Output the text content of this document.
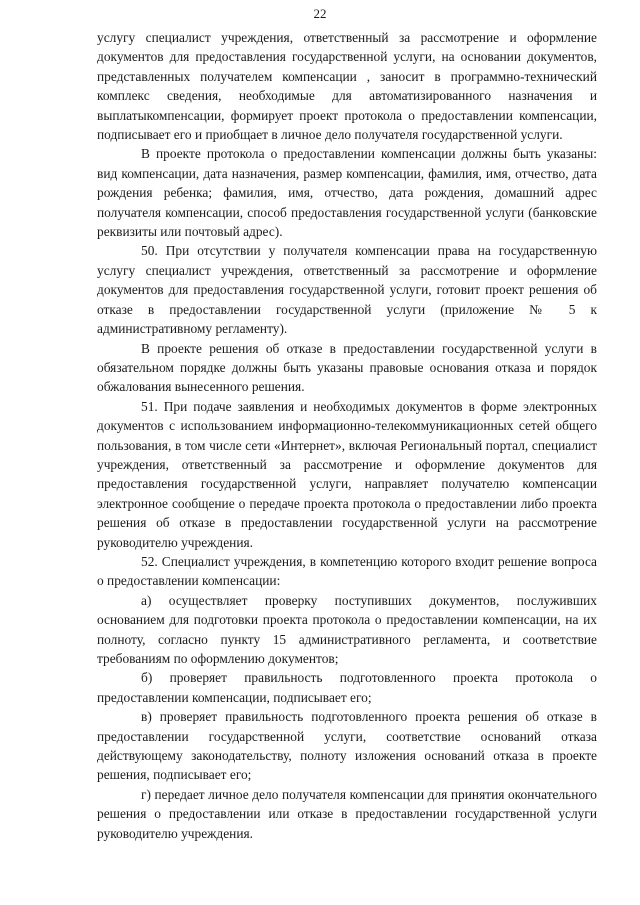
22

услугу специалист учреждения, ответственный за рассмотрение и оформление документов для предоставления государственной услуги, на основании документов, представленных получателем компенсации , заносит в программно-технический комплекс сведения, необходимые для автоматизированного назначения и выплатыкомпенсации, формирует проект протокола о предоставлении компенсации, подписывает его и приобщает в личное дело получателя государственной услуги.

В проекте протокола о предоставлении компенсации должны быть указаны: вид компенсации, дата назначения, размер компенсации, фамилия, имя, отчество, дата рождения ребенка; фамилия, имя, отчество, дата рождения, домашний адрес получателя компенсации, способ предоставления государственной услуги (банковские реквизиты или почтовый адрес).

50. При отсутствии у получателя компенсации права на государственную услугу специалист учреждения, ответственный за рассмотрение и оформление документов для предоставления государственной услуги, готовит проект решения об отказе в предоставлении государственной услуги (приложение № 5 к административному регламенту).

В проекте решения об отказе в предоставлении государственной услуги в обязательном порядке должны быть указаны правовые основания отказа и порядок обжалования вынесенного решения.

51. При подаче заявления и необходимых документов в форме электронных документов с использованием информационно-телекоммуникационных сетей общего пользования, в том числе сети «Интернет», включая Региональный портал, специалист учреждения, ответственный за рассмотрение и оформление документов для предоставления государственной услуги, направляет получателю компенсации электронное сообщение о передаче проекта протокола о предоставлении либо проекта решения об отказе в предоставлении государственной услуги на рассмотрение руководителю учреждения.

52. Специалист учреждения, в компетенцию которого входит решение вопроса о предоставлении компенсации:

а) осуществляет проверку поступивших документов, послуживших основанием для подготовки проекта протокола о предоставлении компенсации, на их полноту, согласно пункту 15 административного регламента, и соответствие требованиям по оформлению документов;

б) проверяет правильность подготовленного проекта протокола о предоставлении компенсации, подписывает его;

в) проверяет правильность подготовленного проекта решения об отказе в предоставлении государственной услуги, соответствие оснований отказа действующему законодательству, полноту изложения оснований отказа в проекте решения, подписывает его;

г) передает личное дело получателя компенсации для принятия окончательного решения о предоставлении или отказе в предоставлении государственной услуги руководителю учреждения.
